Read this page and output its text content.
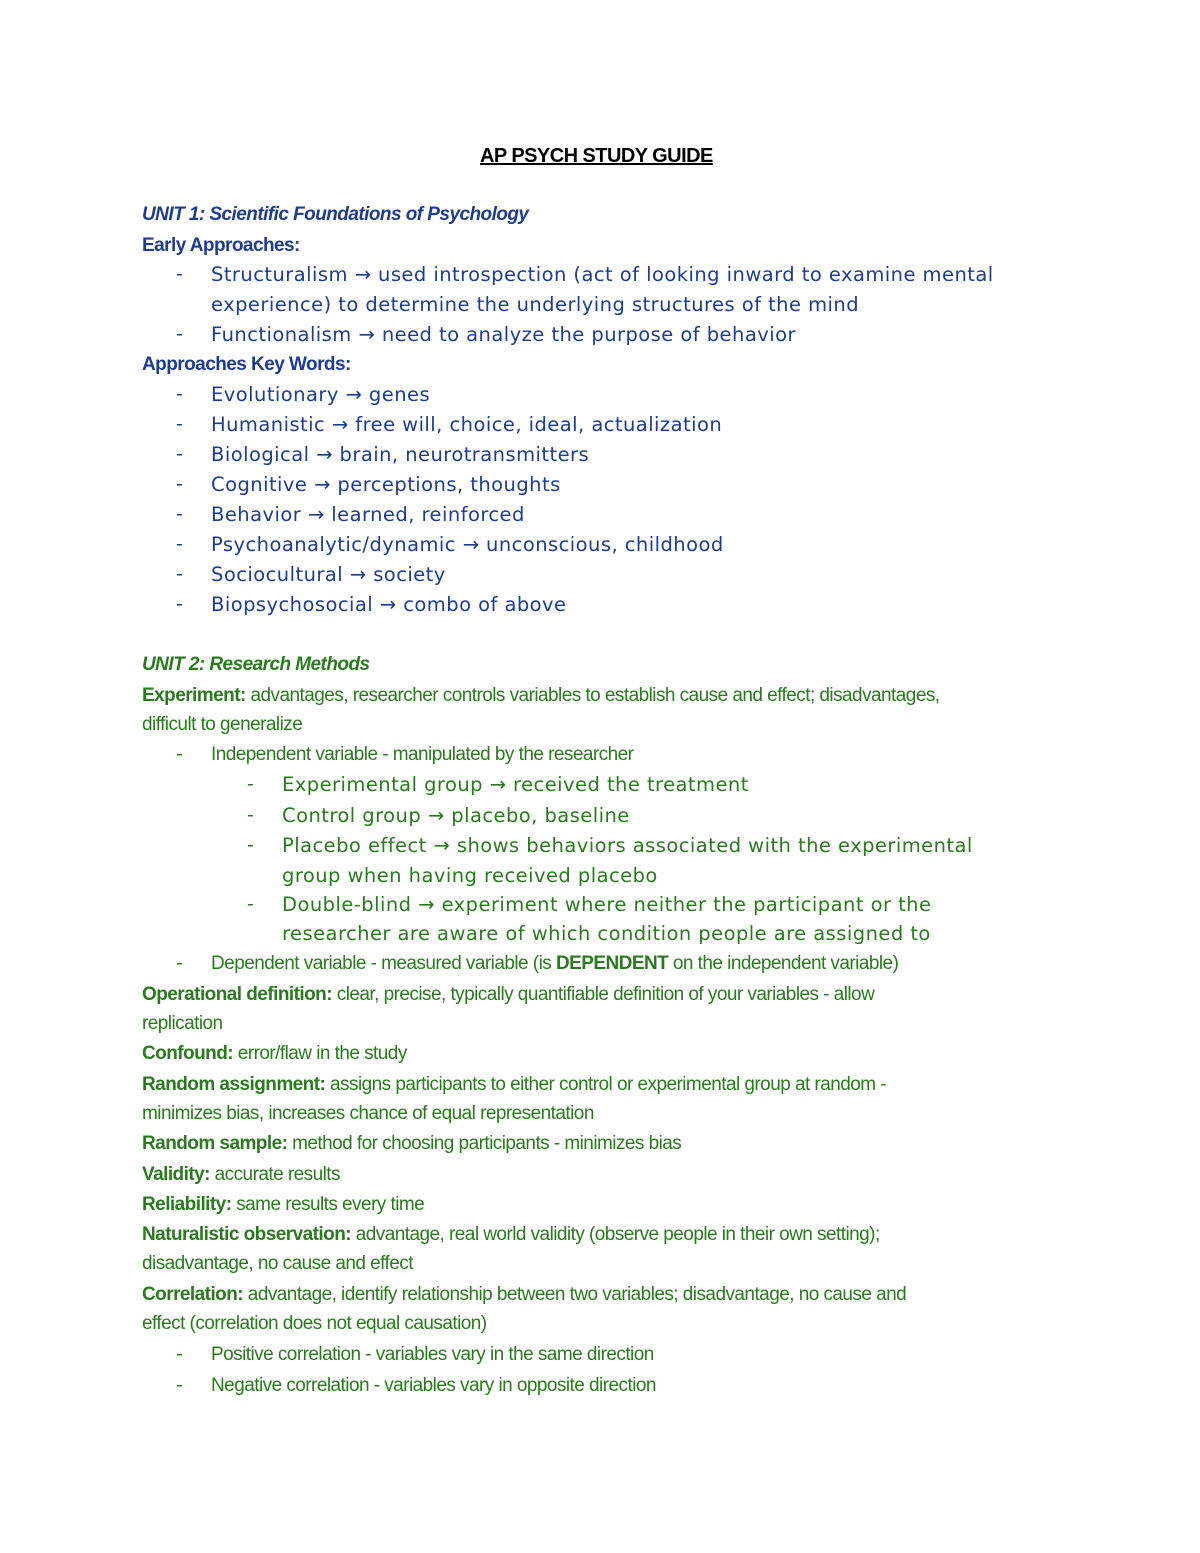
AP PSYCH STUDY GUIDE
UNIT 1: Scientific Foundations of Psychology
Early Approaches:
- Structuralism → used introspection (act of looking inward to examine mental
experience) to determine the underlying structures of the mind
- Functionalism → need to analyze the purpose of behavior
Approaches Key Words:
- Evolutionary → genes
- Humanistic → free will, choice, ideal, actualization
- Biological → brain, neurotransmitters
- Cognitive → perceptions, thoughts
- Behavior → learned, reinforced
- Psychoanalytic/dynamic → unconscious, childhood
- Sociocultural → society
- Biopsychosocial → combo of above
UNIT 2: Research Methods
Experiment: advantages, researcher controls variables to establish cause and effect; disadvantages,
difficult to generalize
- Independent variable - manipulated by the researcher
- Experimental group → received the treatment
- Control group → placebo, baseline
- Placebo effect → shows behaviors associated with the experimental
group when having received placebo
- Double-blind → experiment where neither the participant or the
researcher are aware of which condition people are assigned to
- Dependent variable - measured variable (is DEPENDENT on the independent variable)
Operational definition: clear, precise, typically quantifiable definition of your variables - allow
replication
Confound: error/flaw in the study
Random assignment: assigns participants to either control or experimental group at random -
minimizes bias, increases chance of equal representation
Random sample: method for choosing participants - minimizes bias
Validity: accurate results
Reliability: same results every time
Naturalistic observation: advantage, real world validity (observe people in their own setting);
disadvantage, no cause and effect
Correlation: advantage, identify relationship between two variables; disadvantage, no cause and
effect (correlation does not equal causation)
- Positive correlation - variables vary in the same direction
- Negative correlation - variables vary in opposite direction
